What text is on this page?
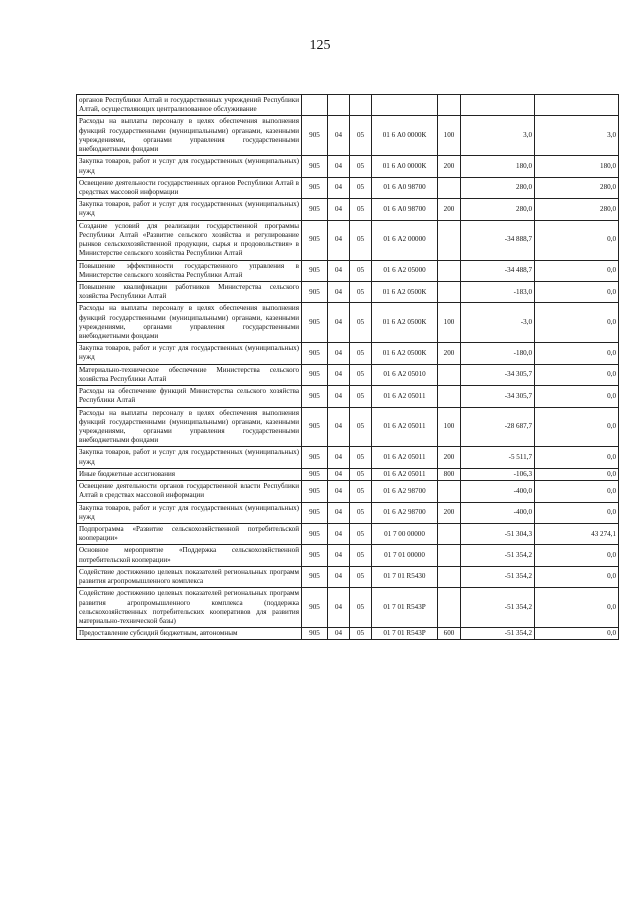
125
органов Республики Алтай и государственных учреждений Республики Алтай, осуществляющих централизованное обслуживание							
Расходы на выплаты персоналу в целях обеспечения выполнения функций государственными (муниципальными) органами, казенными учреждениями, органами управления государственными внебюджетными фондами	905	04	05	01 6 А0 0000К	100	3,0	3,0
Закупка товаров, работ и услуг для государственных (муниципальных) нужд	905	04	05	01 6 А0 0000К	200	180,0	180,0
Освещение деятельности государственных органов Республики Алтай в средствах массовой информации	905	04	05	01 6 А0 98700		280,0	280,0
Закупка товаров, работ и услуг для государственных (муниципальных) нужд	905	04	05	01 6 А0 98700	200	280,0	280,0
Создание условий для реализации государственной программы Республики Алтай «Развитие сельского хозяйства и регулирование рынков сельскохозяйственной продукции, сырья и продовольствия» в Министерстве сельского хозяйства Республики Алтай	905	04	05	01 6 А2 00000		-34 888,7	0,0
Повышение эффективности государственного управления в Министерстве сельского хозяйства Республики Алтай	905	04	05	01 6 А2 05000		-34 488,7	0,0
Повышение квалификации работников Министерства сельского хозяйства Республики Алтай	905	04	05	01 6 А2 0500К		-183,0	0,0
Расходы на выплаты персоналу в целях обеспечения выполнения функций государственными (муниципальными) органами, казенными учреждениями, органами управления государственными внебюджетными фондами	905	04	05	01 6 А2 0500К	100	-3,0	0,0
Закупка товаров, работ и услуг для государственных (муниципальных) нужд	905	04	05	01 6 А2 0500К	200	-180,0	0,0
Материально-техническое обеспечение Министерства сельского хозяйства Республики Алтай	905	04	05	01 6 А2 05010		-34 305,7	0,0
Расходы на обеспечение функций Министерства сельского хозяйства Республики Алтай	905	04	05	01 6 А2 05011		-34 305,7	0,0
Расходы на выплаты персоналу в целях обеспечения выполнения функций государственными (муниципальными) органами, казенными учреждениями, органами управления государственными внебюджетными фондами	905	04	05	01 6 А2 05011	100	-28 687,7	0,0
Закупка товаров, работ и услуг для государственных (муниципальных) нужд	905	04	05	01 6 А2 05011	200	-5 511,7	0,0
Иные бюджетные ассигнования	905	04	05	01 6 А2 05011	800	-106,3	0,0
Освещение деятельности органов государственной власти Республики Алтай в средствах массовой информации	905	04	05	01 6 А2 98700		-400,0	0,0
Закупка товаров, работ и услуг для государственных (муниципальных) нужд	905	04	05	01 6 А2 98700	200	-400,0	0,0
Подпрограмма «Развитие сельскохозяйственной потребительской кооперации»	905	04	05	01 7 00 00000		-51 304,3	43 274,1
Основное мероприятие «Поддержка сельскохозяйственной потребительской кооперации»	905	04	05	01 7 01 00000		-51 354,2	0,0
Содействие достижению целевых показателей региональных программ развития агропромышленного комплекса	905	04	05	01 7 01 R5430		-51 354,2	0,0
Содействие достижению целевых показателей региональных программ развития агропромышленного комплекса (поддержка сельскохозяйственных потребительских кооперативов для развития материально-технической базы)	905	04	05	01 7 01 R543P		-51 354,2	0,0
Предоставление субсидий бюджетным, автономным	905	04	05	01 7 01 R543P	600	-51 354,2	0,0
